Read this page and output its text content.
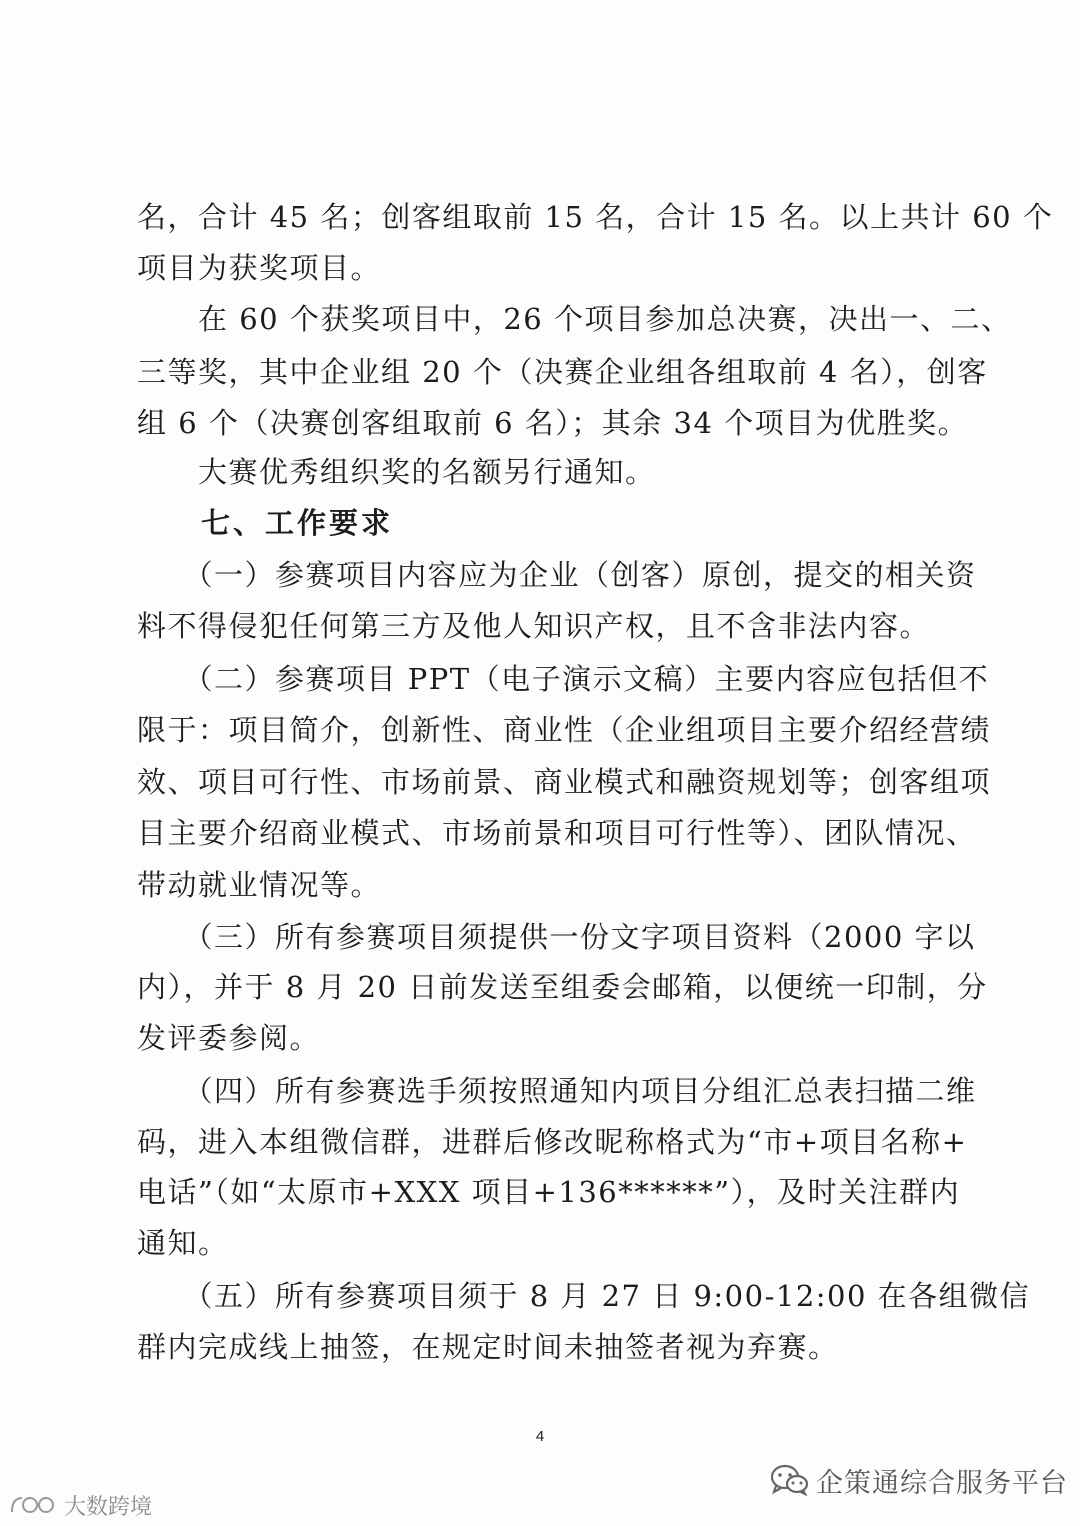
名，合计 45 名；创客组取前 15 名，合计 15 名。以上共计 60 个
项目为获奖项目。
　　在 60 个获奖项目中，26 个项目参加总决赛，决出一、二、
三等奖，其中企业组 20 个（决赛企业组各组取前 4 名），创客
组 6 个（决赛创客组取前 6 名）；其余 34 个项目为优胜奖。
　　大赛优秀组织奖的名额另行通知。
　　七、工作要求
　　（一）参赛项目内容应为企业（创客）原创，提交的相关资
料不得侵犯任何第三方及他人知识产权，且不含非法内容。
　　（二）参赛项目 PPT（电子演示文稿）主要内容应包括但不
限于：项目简介，创新性、商业性（企业组项目主要介绍经营绩
效、项目可行性、市场前景、商业模式和融资规划等；创客组项
目主要介绍商业模式、市场前景和项目可行性等）、团队情况、
带动就业情况等。
　　（三）所有参赛项目须提供一份文字项目资料（2000 字以
内），并于 8 月 20 日前发送至组委会邮箱，以便统一印制，分
发评委参阅。
　　（四）所有参赛选手须按照通知内项目分组汇总表扫描二维
码，进入本组微信群，进群后修改昵称格式为“市+项目名称+
电话”（如“太原市+XXX 项目+136******”），及时关注群内
通知。
　　（五）所有参赛项目须于 8 月 27 日 9:00-12:00 在各组微信
群内完成线上抽签，在规定时间未抽签者视为弃赛。
4
企策通综合服务平台
大数跨境
